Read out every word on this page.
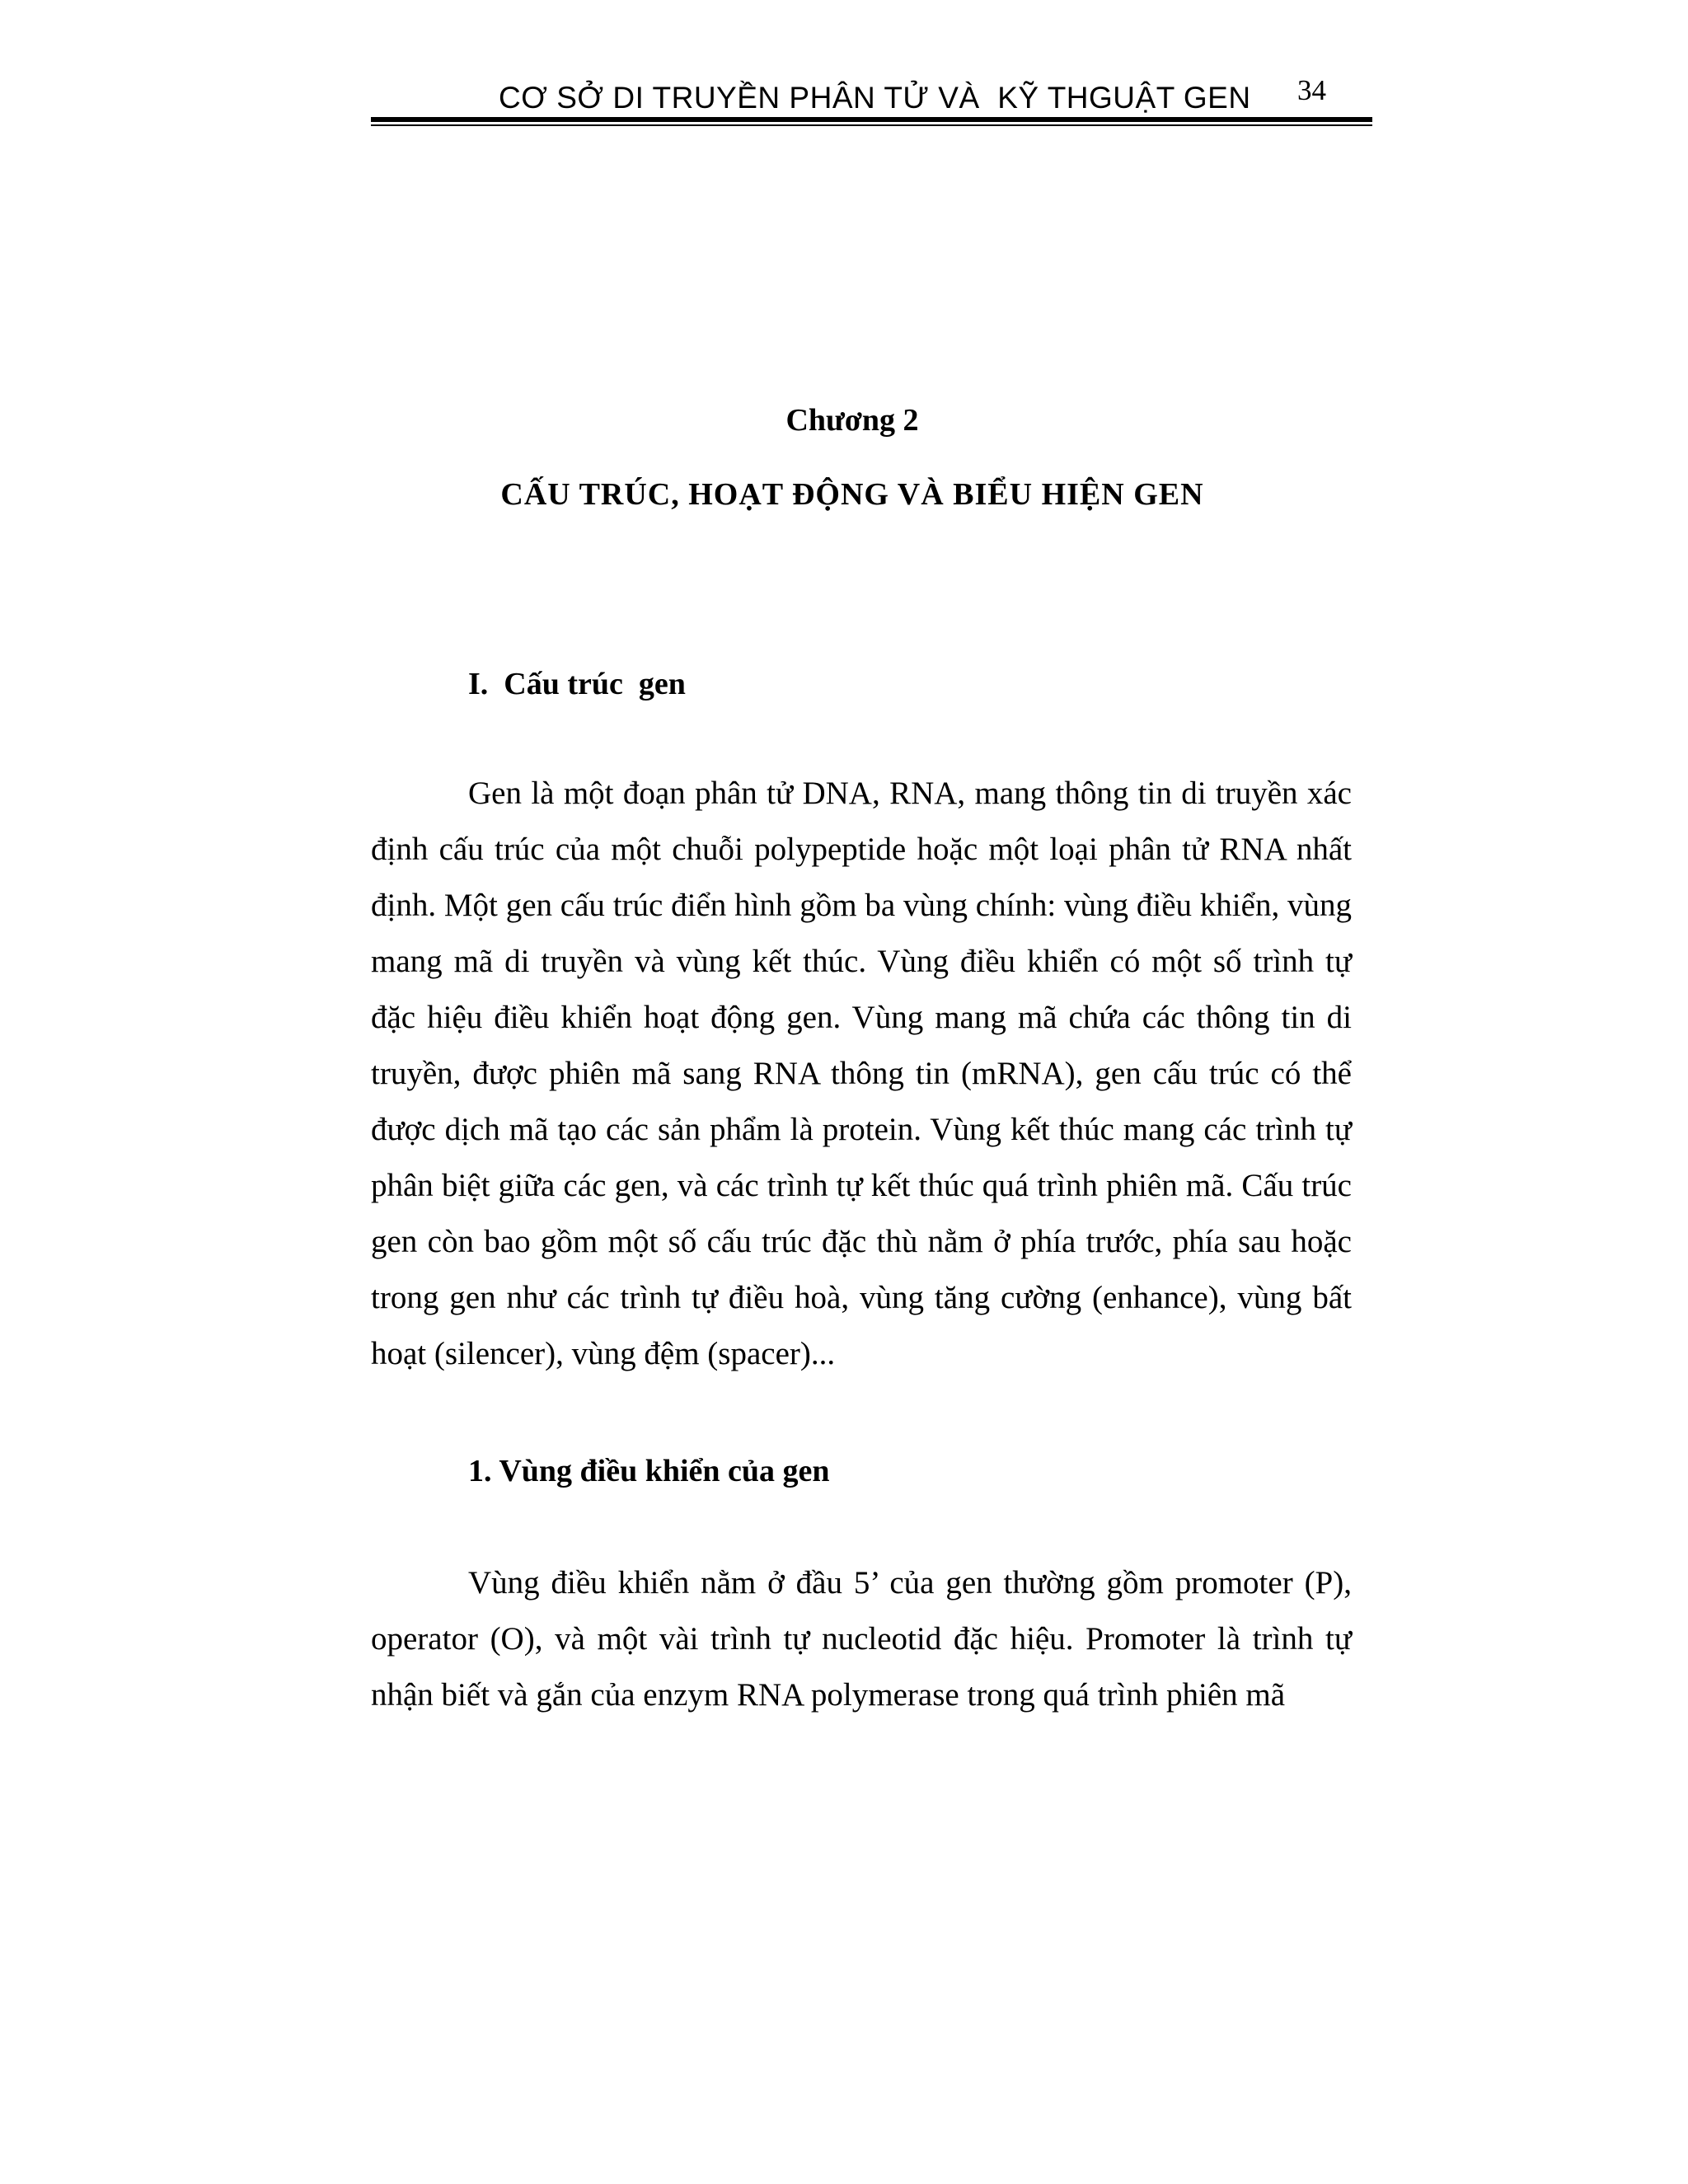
CƠ SỞ DI TRUYỀN PHÂN TỬ VÀ  KỸ THGUẬT GEN 34
Chương 2
CẤU TRÚC, HOẠT ĐỘNG VÀ BIỂU HIỆN GEN
I.  Cấu trúc  gen

Gen là một đoạn phân tử DNA, RNA, mang thông tin di truyền xác định cấu trúc của một chuỗi polypeptide hoặc một loại phân tử RNA nhất định. Một gen cấu trúc điển hình gồm ba vùng chính: vùng điều khiển, vùng mang mã di truyền và vùng kết thúc. Vùng điều khiển có một số trình tự đặc hiệu điều khiển hoạt động gen. Vùng mang mã chứa các thông tin di truyền, được phiên mã sang RNA thông tin (mRNA), gen cấu trúc có thể được dịch mã tạo các sản phẩm là protein. Vùng kết thúc mang các trình tự phân biệt giữa các gen, và các trình tự kết thúc quá trình phiên mã. Cấu trúc gen còn bao gồm một số cấu trúc đặc thù nằm ở phía trước, phía sau hoặc trong gen như các trình tự điều hoà, vùng tăng cường (enhance), vùng bất hoạt (silencer), vùng đệm (spacer)...

1. Vùng điều khiển của gen

Vùng điều khiển nằm ở đầu 5’ của gen thường gồm promoter (P), operator (O), và một vài trình tự nucleotid đặc hiệu. Promoter là trình tự nhận biết và gắn của enzym RNA polymerase trong quá trình phiên mã
